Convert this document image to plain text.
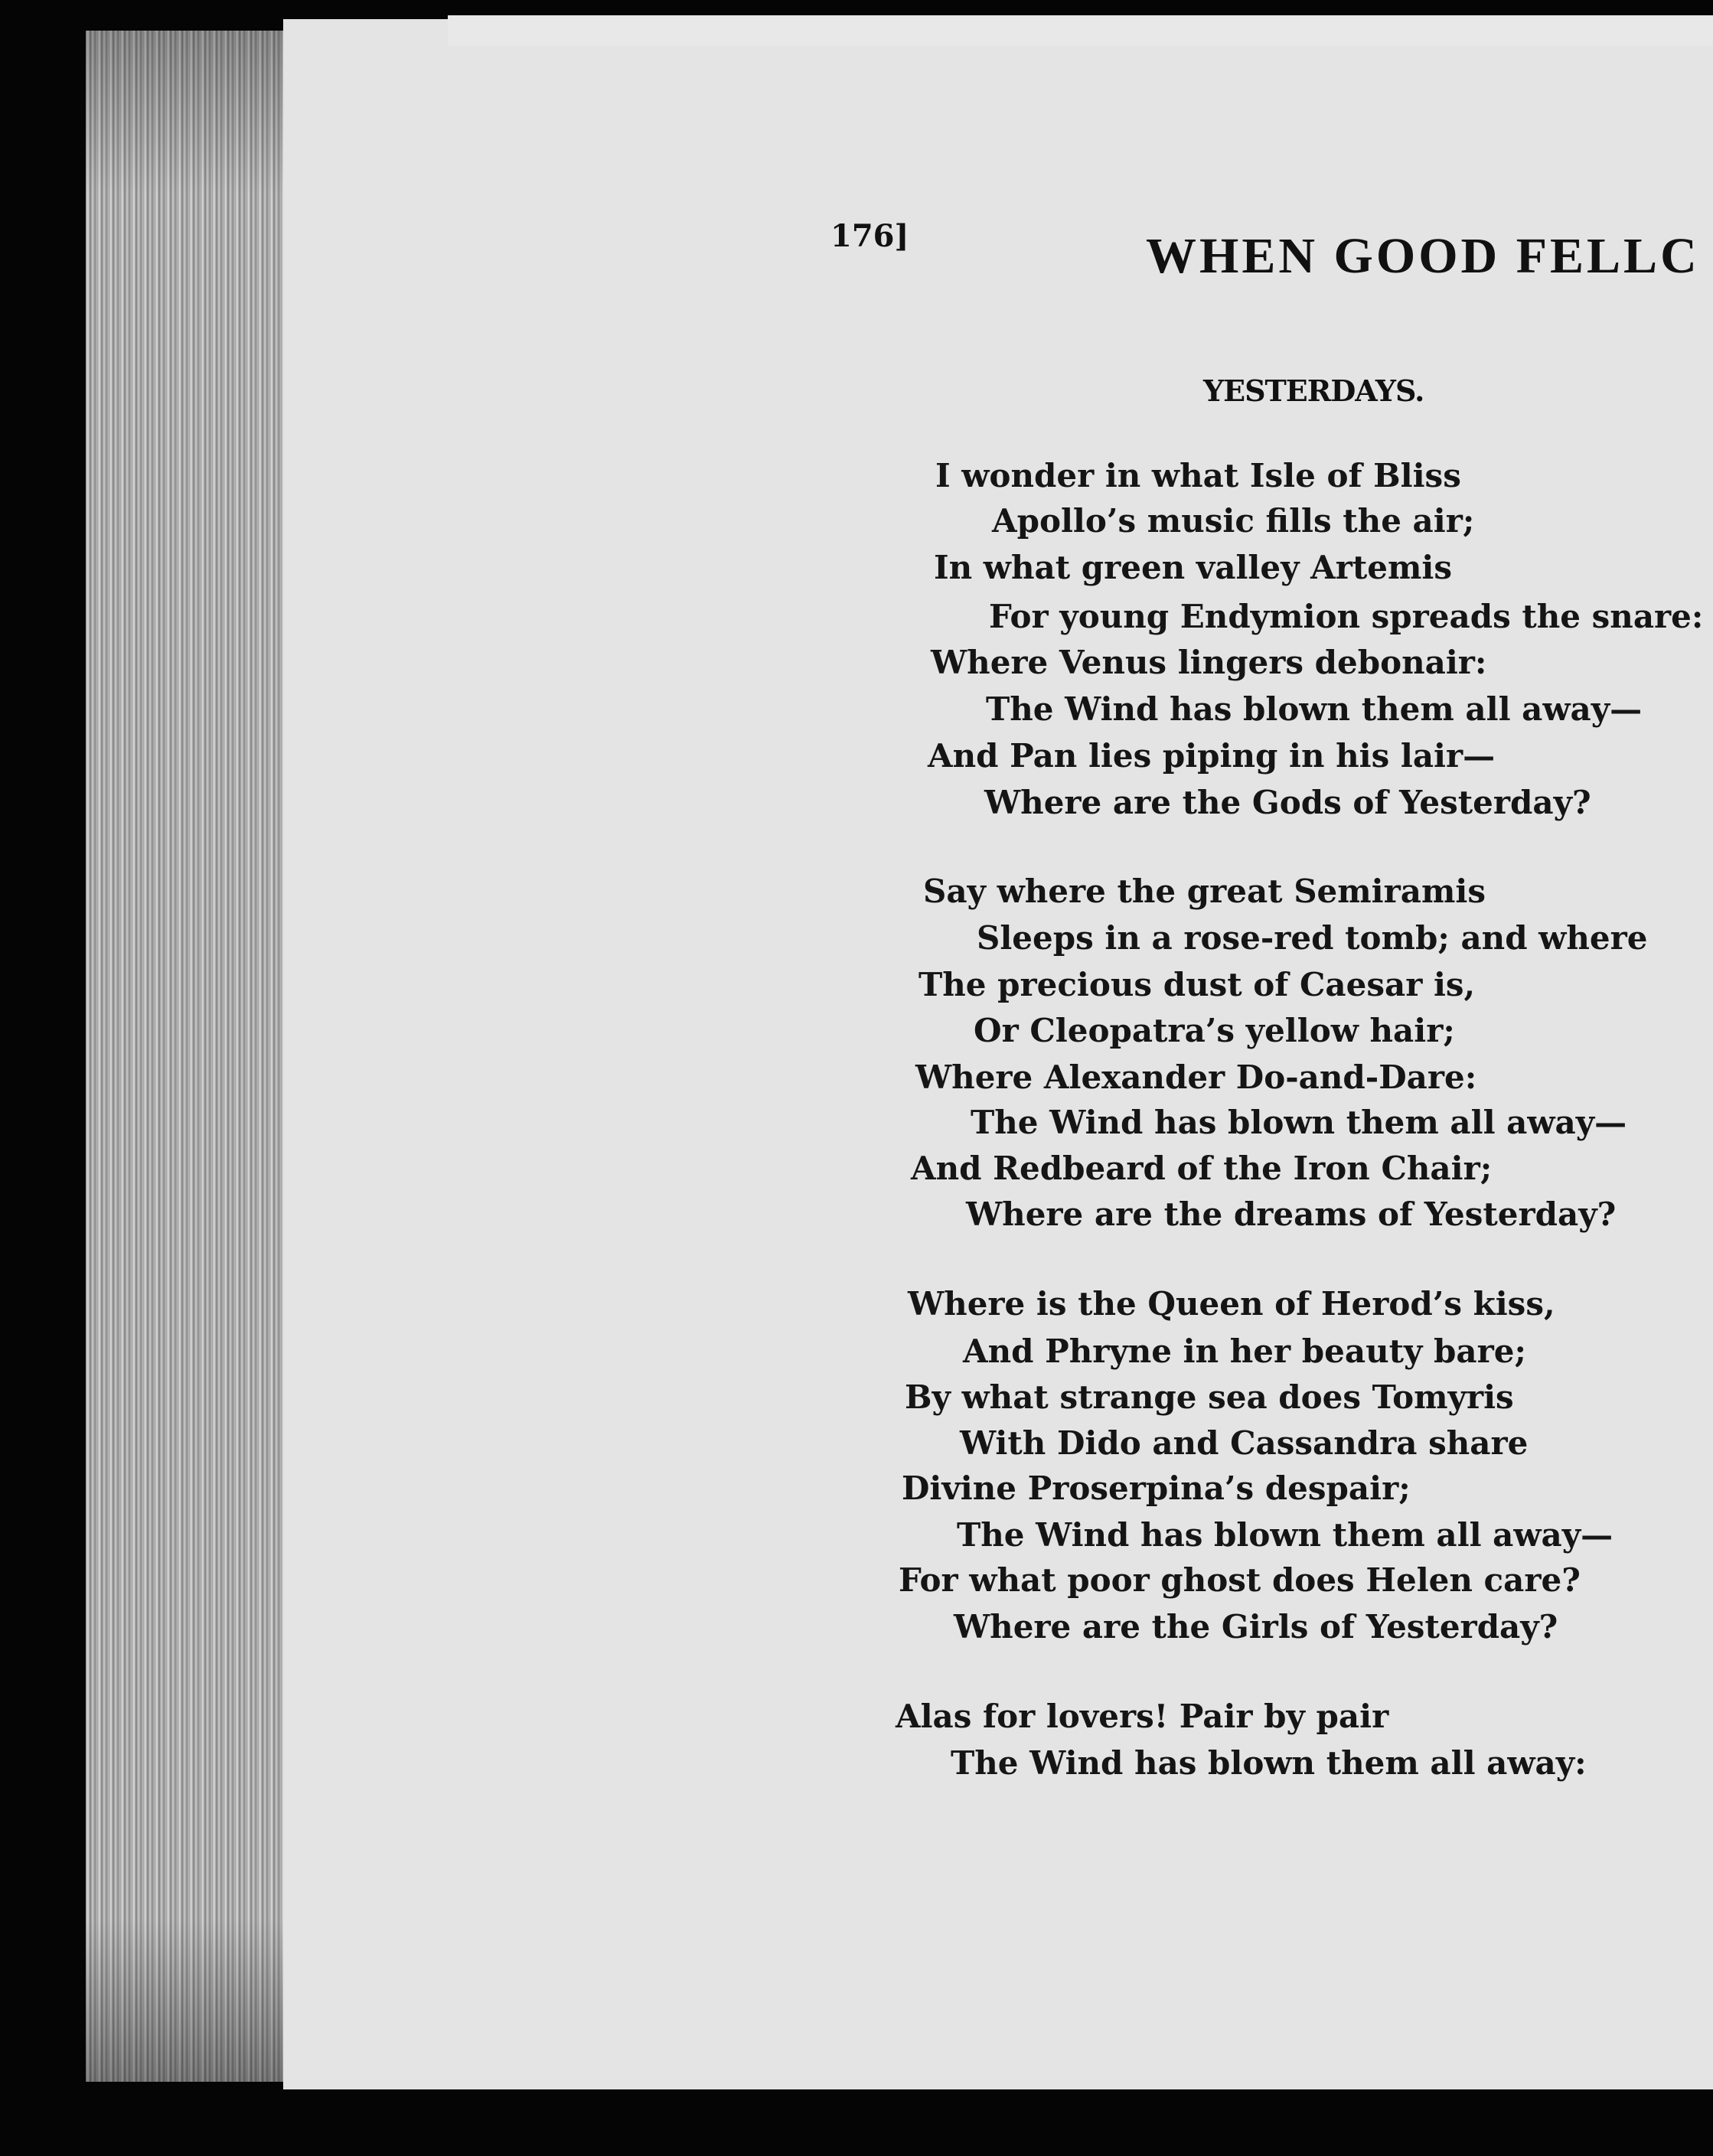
176]	WHEN GOOD FELLC
YESTERDAYS.
I wonder in what Isle of Bliss
Apollo’s music fills the air;
In what green valley Artemis
For young Endymion spreads the snare:
Where Venus lingers debonair:
The Wind has blown them all away—
And Pan lies piping in his lair—
Where are the Gods of Yesterday?
Say where the great Semiramis
Sleeps in a rose-red tomb; and where
The precious dust of Caesar is,
Or Cleopatra’s yellow hair;
Where Alexander Do-and-Dare:
The Wind has blown them all away—
And Redbeard of the Iron Chair;
Where are the dreams of Yesterday?
Where is the Queen of Herod’s kiss,
And Phryne in her beauty bare;
By what strange sea does Tomyris
With Dido and Cassandra share
Divine Proserpina’s despair;
The Wind has blown them all away—
For what poor ghost does Helen care?
Where are the Girls of Yesterday?
Alas for lovers! Pair by pair
The Wind has blown them all away:
